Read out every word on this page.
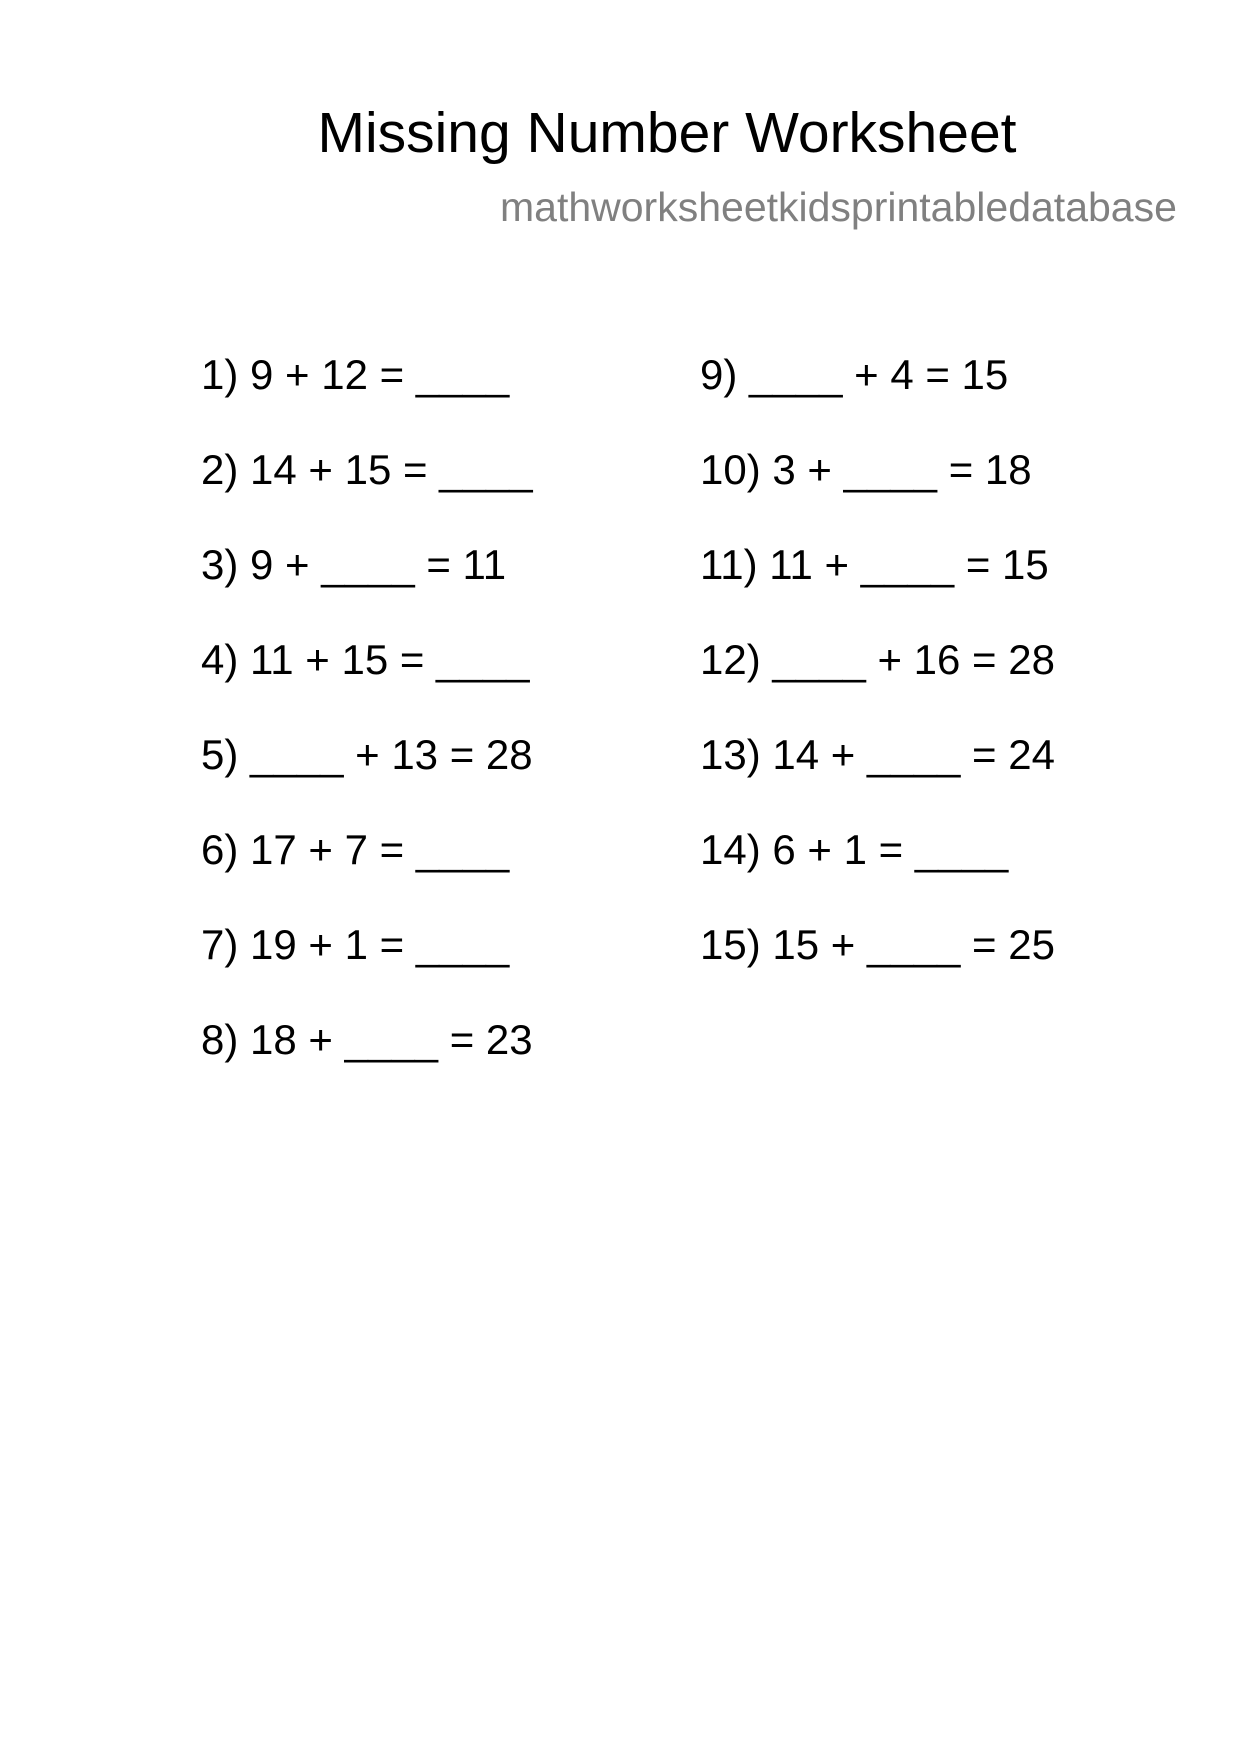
Missing Number Worksheet
mathworksheetkidsprintabledatabase
1) 9 + 12 = ____
2) 14 + 15 = ____
3) 9 + ____ = 11
4) 11 + 15 = ____
5) ____ + 13 = 28
6) 17 + 7 = ____
7) 19 + 1 = ____
8) 18 + ____ = 23
9) ____ + 4 = 15
10) 3 + ____ = 18
11) 11 + ____ = 15
12) ____ + 16 = 28
13) 14 + ____ = 24
14) 6 + 1 = ____
15) 15 + ____ = 25
